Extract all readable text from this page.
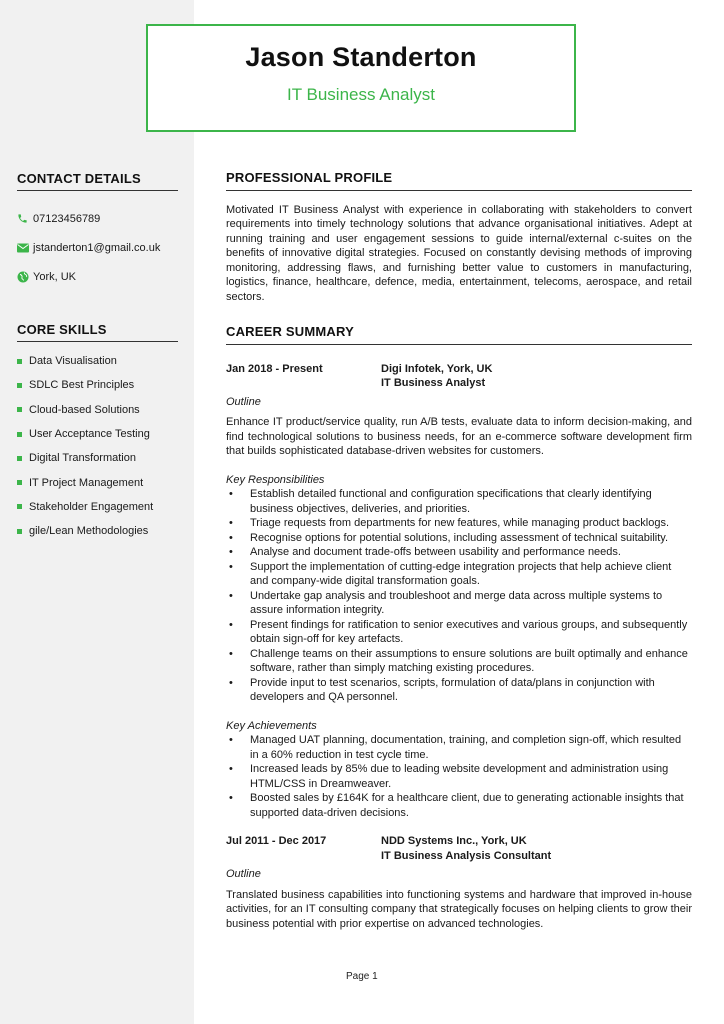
Jason Standerton
IT Business Analyst
CONTACT DETAILS
07123456789
jstanderton1@gmail.co.uk
York, UK
CORE SKILLS
Data Visualisation
SDLC Best Principles
Cloud-based Solutions
User Acceptance Testing
Digital Transformation
IT Project Management
Stakeholder Engagement
gile/Lean Methodologies
PROFESSIONAL PROFILE

Motivated IT Business Analyst with experience in collaborating with stakeholders to convert requirements into timely technology solutions that advance organisational initiatives. Adept at running training and user engagement sessions to guide internal/external c-suites on the benefits of innovative digital strategies. Focused on constantly devising methods of improving monitoring, addressing flaws, and furnishing better value to customers in manufacturing, logistics, finance, healthcare, defence, media, entertainment, telecoms, aerospace, and retail sectors.

CAREER SUMMARY
Jan 2018 - Present	Digi Infotek, York, UK
IT Business Analyst

Outline

Enhance IT product/service quality, run A/B tests, evaluate data to inform decision-making, and find technological solutions to business needs, for an e-commerce software development firm that builds sophisticated database-driven websites for customers.

Key Responsibilities

• Establish detailed functional and configuration specifications that clearly identifying business objectives, deliveries, and priorities.
• Triage requests from departments for new features, while managing product backlogs.
• Recognise options for potential solutions, including assessment of technical suitability.
• Analyse and document trade-offs between usability and performance needs.
• Support the implementation of cutting-edge integration projects that help achieve client and company-wide digital transformation goals.
• Undertake gap analysis and troubleshoot and merge data across multiple systems to assure information integrity.
• Present findings for ratification to senior executives and various groups, and subsequently obtain sign-off for key artefacts.
• Challenge teams on their assumptions to ensure solutions are built optimally and enhance software, rather than simply matching existing procedures.
• Provide input to test scenarios, scripts, formulation of data/plans in conjunction with developers and QA personnel.

Key Achievements

• Managed UAT planning, documentation, training, and completion sign-off, which resulted in a 60% reduction in test cycle time.
• Increased leads by 85% due to leading website development and administration using HTML/CSS in Dreamweaver.
• Boosted sales by £164K for a healthcare client, due to generating actionable insights that supported data-driven decisions.
Jul 2011 - Dec 2017	NDD Systems Inc., York, UK
IT Business Analysis Consultant

Outline

Translated business capabilities into functioning systems and hardware that improved in-house activities, for an IT consulting company that strategically focuses on helping clients to grow their business potential with prior expertise on advanced technologies.

Page 1
